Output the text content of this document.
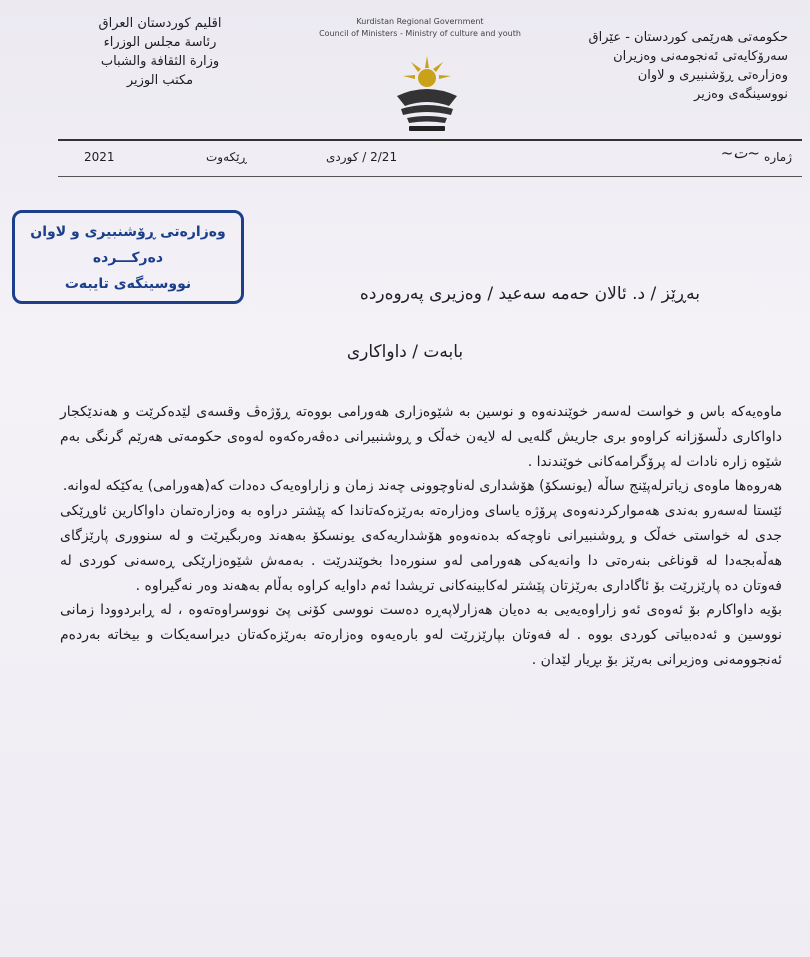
حکومەتی هەرێمی کوردستان - عێراق
سەرۆکایەتی ئەنجومەنی وەزیران
وەزارەتی ڕۆشنبیری و لاوان
نووسینگەی وەزیر
اقليم كوردستان العراق
رئاسة مجلس الوزراء
وزارة الثقافة والشباب
مكتب الوزير
Kurdistan Regional Government
Council of Ministers - Ministry of culture and youth
ژمارە
~ت~
2/21 / کوردی
ڕێکەوت
2021
وەزارەتی ڕۆشنبیری و لاوان
دەرکـــردە
نووسینگەی تایبەت	بەڕێز / د. ئالان حەمە سەعید / وەزیری پەروەردە
بابەت / داواکاری

ماوەیەکە باس و خواست لەسەر خوێندنەوە و نوسین بە شێوەزاری هەورامی بووەتە ڕۆژەڤ وقسەی لێدەکرێت و هەندێکجار داواکاری دڵسۆزانە کراوەو بری جاریش گلەیی لە لایەن خەڵک و ڕوشنبیرانی دەڤەرەکەوە لەوەی حکومەتی هەرێم گرنگی بەم شێوە زارە نادات لە پرۆگرامەکانی خوێندندا .

هەروەها ماوەی زیاترلەپێنج ساڵە (یونسکۆ) هۆشداری لەناوچوونی چەند زمان و زاراوەیەک دەدات کە(هەورامی) یەکێکە لەوانە.

ئێستا لەسەرو بەندی هەموارکردنەوەی پرۆژە یاسای وەزارەتە بەرێزەکەتاندا کە پێشتر دراوە بە وەزارەتمان داواکارین ئاوڕێکی جدی لە خواستی خەڵک و ڕوشنبیرانی ناوچەکە بدەنەوەو هۆشداریەکەی یونسکۆ بەهەند وەربگیرێت و لە سنووری پارێزگای هەڵەبجەدا لە قوناغی بنەرەتی دا وانەیەکی هەورامی لەو سنورەدا بخوێندرێت . بەمەش شێوەزارێکی ڕەسەنی کوردی لە فەوتان دە پارێزرێت بۆ ئاگاداری بەرێزتان پێشتر لەکابینەکانی تریشدا ئەم داوایە کراوە بەڵام بەهەند وەر نەگیراوە .

بۆیە داواکارم بۆ ئەوەی ئەو زاراوەیەیی بە دەیان هەزارلاپەڕە دەست نووسی کۆنی پێ نووسراوەتەوە ، لە ڕابردوودا زمانی نووسین و ئەدەبیاتی کوردی بووە . لە فەوتان بپارێزرێت لەو بارەیەوە وەزارەتە بەرێزەکەتان دیراسەیکات و بیخاتە بەردەم ئەنجوومەنی وەزیرانی بەرێز بۆ بڕیار لێدان .
